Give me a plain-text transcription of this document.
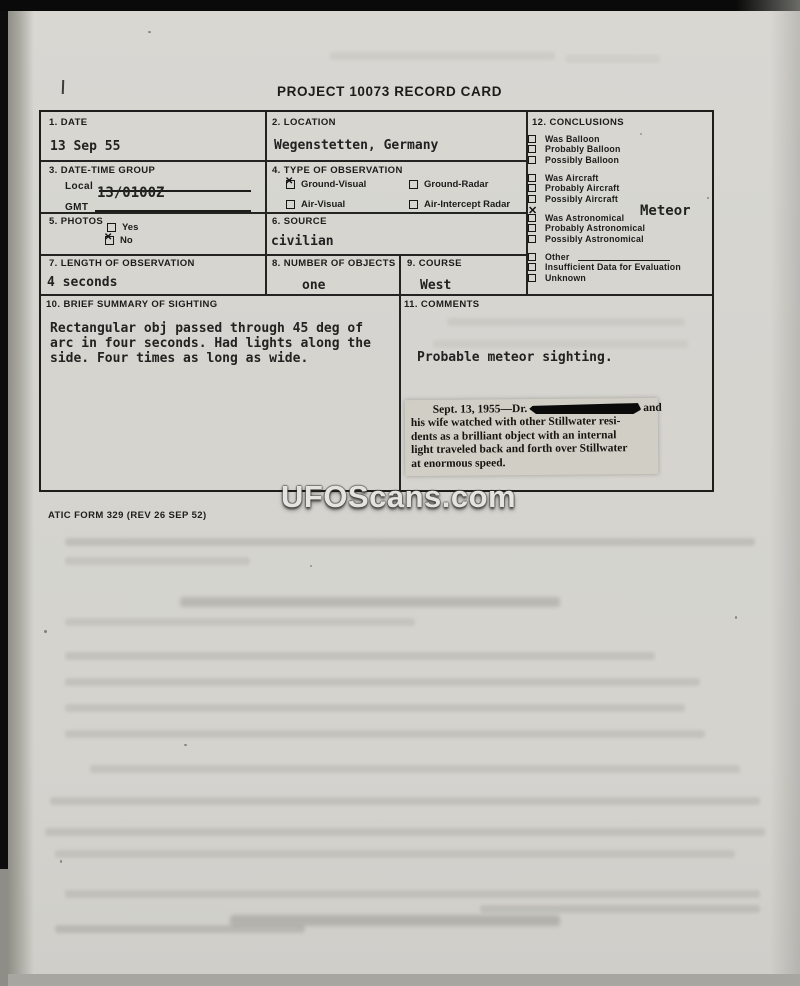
PROJECT 10073 RECORD CARD
1. DATE
13 Sep 55
2. LOCATION
Wegenstetten, Germany
3. DATE-TIME GROUP
Local 13/0100Z
GMT
4. TYPE OF OBSERVATION
✕
Ground-Visual	Ground-Radar
Air-Visual	Air-Intercept Radar
5. PHOTOS
Yes
✕
No
6. SOURCE
civilian
7. LENGTH OF OBSERVATION
4 seconds
8. NUMBER OF OBJECTS
one
9. COURSE
West
10. BRIEF SUMMARY OF SIGHTING
Rectangular obj passed through 45 deg of
arc in four seconds. Had lights along the
side. Four times as long as wide.
11. COMMENTS
Probable meteor sighting.
12. CONCLUSIONS
Was Balloon
Probably Balloon
Possibly Balloon
Was Aircraft
Probably Aircraft
Possibly Aircraft
Meteor
✕
Was Astronomical
Probably Astronomical
Possibly Astronomical
Other
Insufficient Data for Evaluation
Unknown
Sept. 13, 1955—Dr.	and
his wife watched with other Stillwater resi-
dents as a brilliant object with an internal
light traveled back and forth over Stillwater
at enormous speed.
ATIC FORM 329 (REV 26 SEP 52)
UFOScans.com
